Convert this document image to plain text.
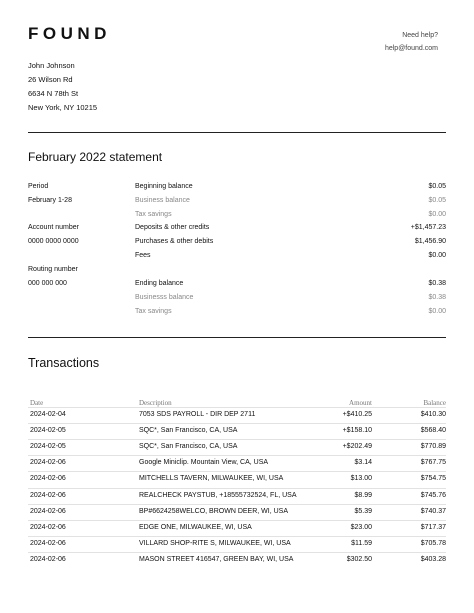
FOUND	Need help?
help@found.com
John Johnson
26 Wilson Rd
6634 N 78th St
New York, NY 10215
February 2022 statement
Period
February 1-28
Account number
0000 0000 0000
Routing number
000 000 000
Beginning balance	$0.05
Business balance	$0.05
Tax savings	$0.00
Deposits & other credits	+$1,457.23
Purchases & other debits	$1,456.90
Fees	$0.00
Ending balance	$0.38
Businesss balance	$0.38
Tax savings	$0.00
Transactions
Date	Description	Amount	Balance
2024-02-04	7053 SDS PAYROLL - DIR DEP 2711	+$410.25	$410.30
2024-02-05	SQC*, San Francisco, CA, USA	+$158.10	$568.40
2024-02-05	SQC*, San Francisco, CA, USA	+$202.49	$770.89
2024-02-06	Google Miniclip. Mountain View, CA, USA	$3.14	$767.75
2024-02-06	MITCHELLS TAVERN, MILWAUKEE, WI, USA	$13.00	$754.75
2024-02-06	REALCHECK PAYSTUB, +18555732524, FL, USA	$8.99	$745.76
2024-02-06	BP#6624258WELCO, BROWN DEER, WI, USA	$5.39	$740.37
2024-02-06	EDGE ONE, MILWAUKEE, WI, USA	$23.00	$717.37
2024-02-06	VILLARD SHOP-RITE S, MILWAUKEE, WI, USA	$11.59	$705.78
2024-02-06	MASON STREET 416547, GREEN BAY, WI, USA	$302.50	$403.28
